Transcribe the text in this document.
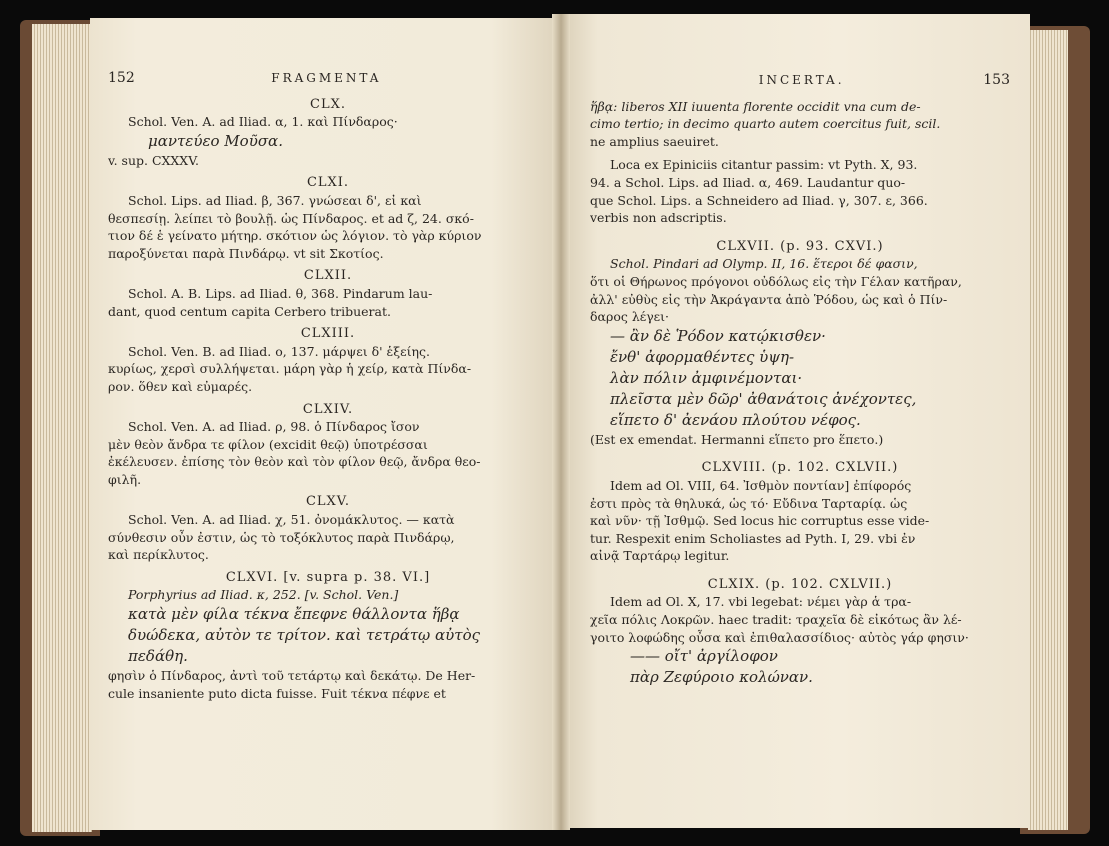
152	FRAGMENTA
CLX.
Schol. Ven. A. ad Iliad. α, 1. καὶ Πίνδαρος·
μαντεύεο Μοῦσα.
v. sup. CXXXV.
CLXI.
Schol. Lips. ad Iliad. β, 367. γνώσεαι δ', εἰ καὶ
θεσπεσίῃ. λείπει τὸ βουλῇ. ὡς Πίνδαρος. et ad ζ, 24. σκό-
τιον δέ ἑ γείνατο μήτηρ. σκότιον ὡς λόγιον. τὸ γὰρ κύριον
παροξύνεται παρὰ Πινδάρῳ. vt sit Σκοτίος.
CLXII.
Schol. A. B. Lips. ad Iliad. θ, 368. Pindarum lau-
dant, quod centum capita Cerbero tribuerat.
CLXIII.
Schol. Ven. B. ad Iliad. ο, 137. μάρψει δ' ἑξείης.
κυρίως, χερσὶ συλλήψεται. μάρη γὰρ ἡ χείρ, κατὰ Πίνδα-
ρον. ὅθεν καὶ εὐμαρές.
CLXIV.
Schol. Ven. A. ad Iliad. ρ, 98. ὁ Πίνδαρος ἴσον
μὲν θεὸν ἄνδρα τε φίλον (excidit θεῷ) ὑποτρέσσαι
ἐκέλευσεν. ἐπίσης τὸν θεὸν καὶ τὸν φίλον θεῷ, ἄνδρα θεο-
φιλῆ.
CLXV.
Schol. Ven. A. ad Iliad. χ, 51. ὀνομάκλυτος. — κατὰ
σύνθεσιν οὖν ἐστιν, ὡς τὸ τοξόκλυτος παρὰ Πινδάρῳ,
καὶ περίκλυτος.
CLXVI. [v. supra p. 38. VI.]
Porphyrius ad Iliad. κ, 252. [v. Schol. Ven.]
κατὰ μὲν φίλα τέκνα ἔπεφνε θάλλοντα ἥβᾳ
δυώδεκα, αὐτὸν τε τρίτον. καὶ τετράτῳ αὐτὸς
πεδάθη.
φησὶν ὁ Πίνδαρος, ἀντὶ τοῦ τετάρτῳ καὶ δεκάτῳ. De Her-
cule insaniente puto dicta fuisse. Fuit τέκνα πέφνε et
INCERTA.	153
ἥβᾳ: liberos XII iuuenta florente occidit vna cum de-
cimo tertio; in decimo quarto autem coercitus fuit, scil.
ne amplius saeuiret.
Loca ex Epiniciis citantur passim: vt Pyth. X, 93.
94. a Schol. Lips. ad Iliad. α, 469. Laudantur quo-
que Schol. Lips. a Schneidero ad Iliad. γ, 307. ε, 366.
verbis non adscriptis.
CLXVII. (p. 93. CXVI.)
Schol. Pindari ad Olymp. II, 16. ἕτεροι δέ φασιν,
ὅτι οἱ Θήρωνος πρόγονοι οὐδόλως εἰς τὴν Γέλαν κατῆραν,
ἀλλ' εὐθὺς εἰς τὴν Ἀκράγαντα ἀπὸ Ῥόδου, ὡς καὶ ὁ Πίν-
δαρος λέγει·
— ἂν δὲ Ῥόδον κατῴκισθεν·
ἔνθ' ἀφορμαθέντες ὑψη-
λὰν πόλιν ἀμφινέμονται·
πλεῖστα μὲν δῶρ' ἀθανάτοις ἀνέχοντες,
εἵπετο δ' ἀενάου πλούτου νέφος.
(Est ex emendat. Hermanni εἵπετο pro ἕπετο.)
CLXVIII. (p. 102. CXLVII.)
Idem ad Ol. VIII, 64. Ἰσθμὸν ποντίαν] ἐπίφορός
ἐστι πρὸς τὰ θηλυκά, ὡς τό· Εὔδινα Ταρταρίᾳ. ὡς
καὶ νῦν· τῇ Ἰσθμῷ. Sed locus hic corruptus esse vide-
tur. Respexit enim Scholiastes ad Pyth. I, 29. vbi ἐν
αἰνᾷ Ταρτάρῳ legitur.
CLXIX. (p. 102. CXLVII.)
Idem ad Ol. X, 17. vbi legebat: νέμει γὰρ ἁ τρα-
χεῖα πόλις Λοκρῶν. haec tradit: τραχεῖα δὲ εἰκότως ἂν λέ-
γοιτο λοφώδης οὖσα καὶ ἐπιθαλασσίδιος· αὐτὸς γάρ φησιν·
—— οἴτ' ἀργίλοφον
πὰρ Ζεφύροιο κολώναν.
